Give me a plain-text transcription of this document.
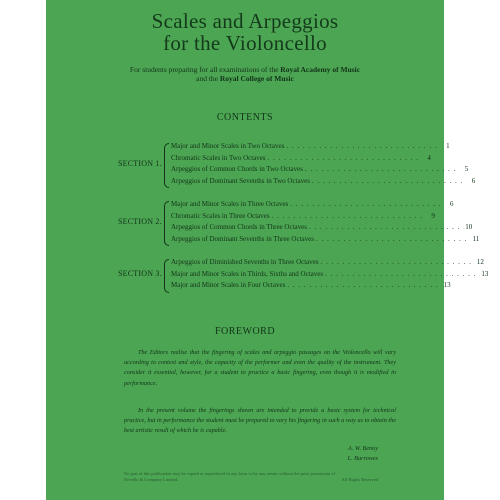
Scales and Arpeggios
for the Violoncello
For students preparing for all examinations of the Royal Academy of Music
and the Royal College of Music
CONTENTS
SECTION 1.
Major and Minor Scales in Two Octaves . . . . . . . . . . . . . . . . . . . . . . . . . . . .	1
Chromatic Scales in Two Octaves . . . . . . . . . . . . . . . . . . . . . . . . . . . .	4
Arpeggios of Common Chords in Two Octaves . . . . . . . . . . . . . . . . . . . . . . . . . . . .	5
Arpeggios of Dominant Sevenths in Two Octaves . . . . . . . . . . . . . . . . . . . . . . . . . . . .	6
SECTION 2.
Major and Minor Scales in Three Octaves . . . . . . . . . . . . . . . . . . . . . . . . . . . .	6
Chromatic Scales in Three Octaves . . . . . . . . . . . . . . . . . . . . . . . . . . . .	9
Arpeggios of Common Chords in Three Octaves . . . . . . . . . . . . . . . . . . . . . . . . . . . . 10
Arpeggios of Dominant Sevenths in Three Octaves . . . . . . . . . . . . . . . . . . . . . . . . . . . . 11
SECTION 3.
Arpeggios of Diminished Sevenths in Three Octaves . . . . . . . . . . . . . . . . . . . . . . . . . . . . 12
Major and Minor Scales in Thirds, Sixths and Octaves . . . . . . . . . . . . . . . . . . . . . . . . . . . . 13
Major and Minor Scales in Four Octaves . . . . . . . . . . . . . . . . . . . . . . . . . . . . 13
FOREWORD
The Editors realise that the fingering of scales and arpeggio passages on the Violoncello will vary according to context and style, the capacity of the performer and even the quality of the instrument. They consider it essential, however, for a student to practice a basic fingering, even though it is modified in performance.
In the present volume the fingerings shown are intended to provide a basic system for technical practice, but in performance the student must be prepared to vary his fingering in such a way as to obtain the best artistic result of which he is capable.
A. W. Benoy
L. Burrowes
No part of this publication may be copied or reproduced in any form or by any means without the prior permission of Novello & Company Limited.	All Rights Reserved
